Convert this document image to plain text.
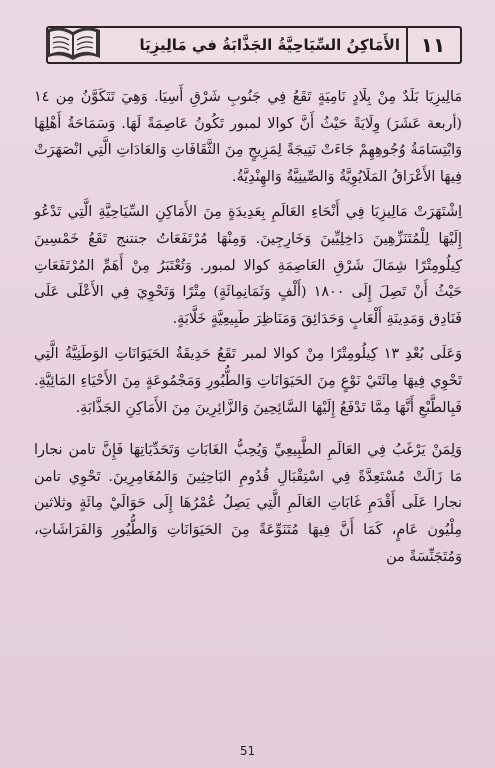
١١
الأَمَاكِنُ السِّيَاحِيَّةُ الجَذَّابَةُ في مَالِيزِيَا

مَالِيزِيَا بَلَدٌ مِنْ بِلَادٍ نَامِيَةٍ تَقَعُ فِي جَنُوبِ شَرْقِ أَسِيَا. وَهِيَ تَتَكَوَّنُ مِن ١٤ (أربعة عَشَرَ) وِلَايَةً حَيْثُ أَنَّ كوالا لمبور تَكُونُ عَاصِمَةً لَهَا. وَسَمَاحَةُ أَهْلِهَا وَابْتِسَامَةُ وُجُوهِهِمْ جَاءَتْ نَتِيجَةً لِمَزِيجٍ مِنَ الثَّقَافَاتِ وَالعَادَاتِ الَّتِي انْصَهَرَتْ فِيهَا الأَعْرَاقُ المَلَايُوِيَّةُ وَالصِّينِيَّةُ وَالهِنْدِيَّةُ.

اِشْتَهَرَتْ مَالِيزِيَا فِي أَنْحَاءِ العَالَمِ بِعَدِيدَةٍ مِنَ الأَمَاكِنِ السِّيَاحِيَّةِ الَّتِي تَدْعُو إِلَيْهَا لِلْمُتَنَزِّهِينَ دَاخِلِيِّينَ وَخَارِجِينَ. وَمِنْهَا مُرْتَفَعَاتُ جنتنج تَقَعُ خَمْسِينَ كِيلُومِتْرًا شِمَالَ شَرْقِ العَاصِمَةِ كوالا لمبور. وَتُعْتَبَرُ مِنْ أَهَمِّ المُرْتَفَعَاتِ حَيْثُ أَنْ تَصِلَ إِلَى ١٨٠٠ (أَلْفٍ وَثَمَانِمِائَةٍ) مِتْرًا وَتَحْوِيَ فِي الأَعْلَى عَلَى فَنَادِق وَمَدِينَةِ أَلْعَابٍ وَحَدَائِقَ وَمَنَاظِرَ طَبِيعِيَّةٍ خَلَّابَةٍ.

وَعَلَى بُعْدِ ١٣ كِيلُومِتْرًا مِنْ كوالا لمبر تَقَعُ حَدِيقَةُ الحَيَوَانَاتِ الوَطَنِيَّةُ الَّتِي تَحْوِي فِيهَا مِائَتَيْ نَوْعٍ مِنَ الحَيَوَانَاتِ وَالطُّيُورِ وَمَجْمُوعَةٍ مِنَ الأَحْيَاءِ المَائِيَّةِ. فَبِالطَّبْعِ أَنَّهَا مِمَّا تَدْفَعُ إِلَيْهَا السَّائِحِينَ وَالزَّائِرِينَ مِنَ الأَمَاكِنِ الجَذَّابَةِ.

وَلِمَنْ يَرْغَبُ فِي العَالَمِ الطَّبِيعِيِّ وَيُحِبُّ الغَابَاتِ وَتَحَدِّيَاتِهَا فَإِنَّ تامن نجارا مَا زَالَتْ مُسْتَعِدَّةً فِي اسْتِقْبَالِ قُدُومِ البَاحِثِينَ وَالمُغَامِرِينَ. تَحْوِي تامن نجارا عَلَى أَقْدَمِ غَابَاتِ العَالَمِ الَّتِي يَصِلُ عُمْرُهَا إِلَى حَوَالَيْ مِائَةٍ وثلاثين مِلْيُون عَامٍ، كَمَا أَنَّ فِيهَا مُتَنَوِّعَةً مِنَ الحَيَوَانَاتِ وَالطُّيُورِ وَالفَرَاشَاتِ، وَمُتَجَنِّسَةً من

51
